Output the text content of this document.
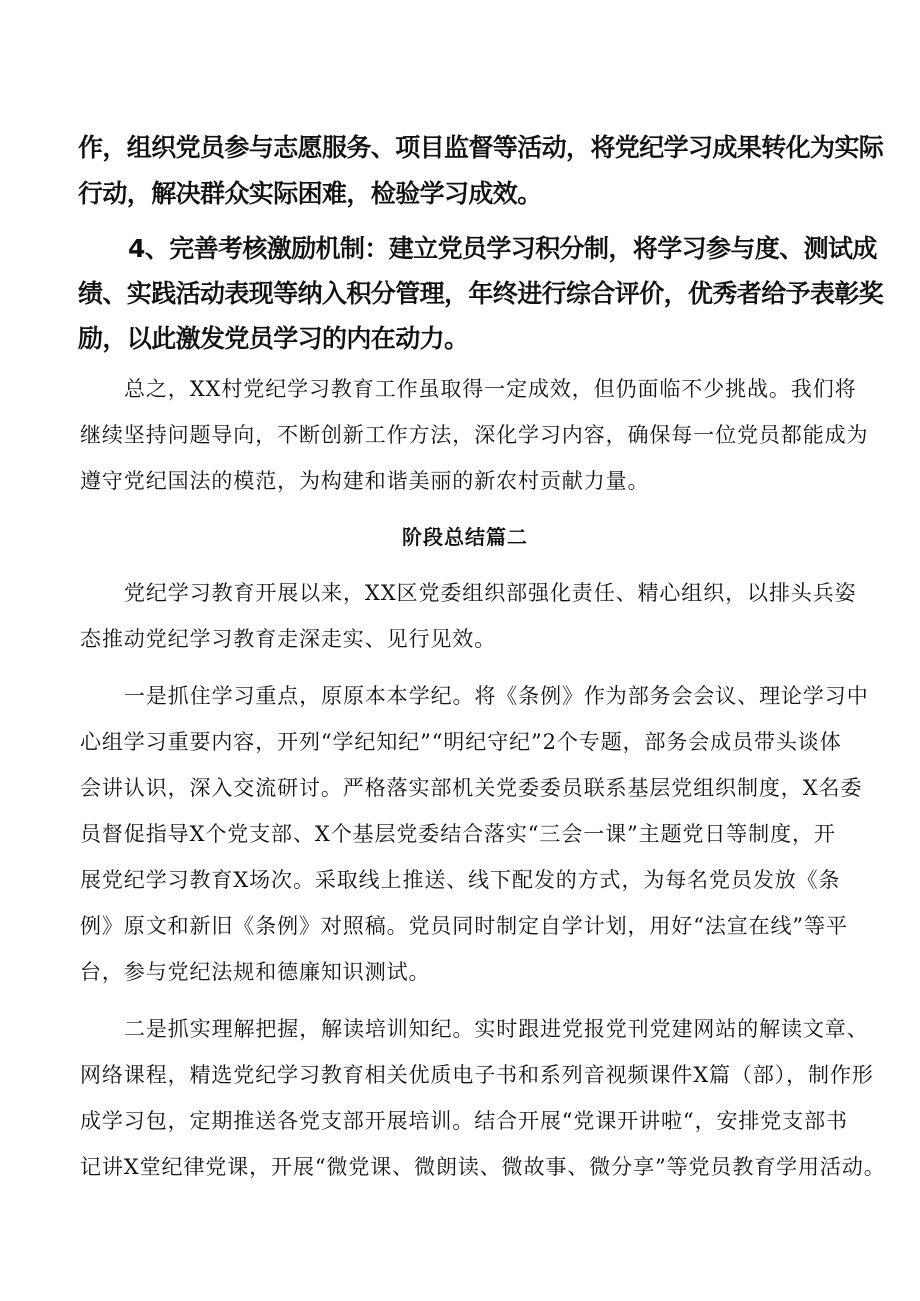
作，组织党员参与志愿服务、项目监督等活动，将党纪学习成果转化为实际

行动，解决群众实际困难，检验学习成效。

4、完善考核激励机制：建立党员学习积分制，将学习参与度、测试成

绩、实践活动表现等纳入积分管理，年终进行综合评价，优秀者给予表彰奖

励，以此激发党员学习的内在动力。

总之，XX村党纪学习教育工作虽取得一定成效，但仍面临不少挑战。我们将

继续坚持问题导向，不断创新工作方法，深化学习内容，确保每一位党员都能成为

遵守党纪国法的模范，为构建和谐美丽的新农村贡献力量。

阶段总结篇二

党纪学习教育开展以来，XX区党委组织部强化责任、精心组织，以排头兵姿

态推动党纪学习教育走深走实、见行见效。

一是抓住学习重点，原原本本学纪。将《条例》作为部务会会议、理论学习中

心组学习重要内容，开列“学纪知纪”“明纪守纪”2个专题，部务会成员带头谈体

会讲认识，深入交流研讨。严格落实部机关党委委员联系基层党组织制度，X名委

员督促指导X个党支部、X个基层党委结合落实“三会一课”主题党日等制度，开

展党纪学习教育X场次。采取线上推送、线下配发的方式，为每名党员发放《条

例》原文和新旧《条例》对照稿。党员同时制定自学计划，用好“法宣在线”等平

台，参与党纪法规和德廉知识测试。

二是抓实理解把握，解读培训知纪。实时跟进党报党刊党建网站的解读文章、

网络课程，精选党纪学习教育相关优质电子书和系列音视频课件X篇（部），制作形

成学习包，定期推送各党支部开展培训。结合开展“党课开讲啦“，安排党支部书

记讲X堂纪律党课，开展“微党课、微朗读、微故事、微分享”等党员教育学用活动。
